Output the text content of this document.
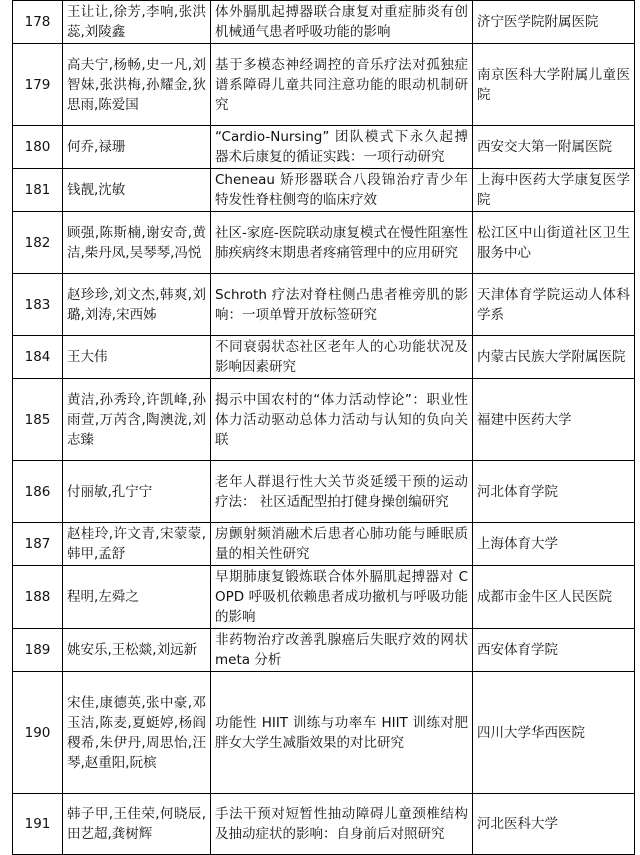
178	王让让,徐芳,李响,张洪蕊,刘陵鑫	体外膈肌起搏器联合康复对重症肺炎有创机械通气患者呼吸功能的影响	济宁医学院附属医院
179	高夫宁,杨畅,史一凡,刘智妹,张洪梅,孙耀金,狄思雨,陈爱国	基于多模态神经调控的音乐疗法对孤独症谱系障碍儿童共同注意功能的眼动机制研究	南京医科大学附属儿童医院
180	何乔,禄珊	“Cardio-Nursing” 团队模式下永久起搏器术后康复的循证实践：一项行动研究	西安交大第一附属医院
181	钱靓,沈敏	Cheneau 矫形器联合八段锦治疗青少年特发性脊柱侧弯的临床疗效	上海中医药大学康复医学院
182	顾强,陈斯楠,谢安奇,黄洁,柴丹凤,吴琴琴,冯悦	社区-家庭-医院联动康复模式在慢性阻塞性肺疾病终末期患者疼痛管理中的应用研究	松江区中山街道社区卫生服务中心
183	赵珍珍,刘文杰,韩爽,刘璐,刘涛,宋西姊	Schroth 疗法对脊柱侧凸患者椎旁肌的影响：一项单臂开放标签研究	天津体育学院运动人体科学系
184	王大伟	不同衰弱状态社区老年人的心功能状况及影响因素研究	内蒙古民族大学附属医院
185	黄洁,孙秀玲,许凯峰,孙雨萱,万芮含,陶澳泷,刘志臻	揭示中国农村的“体力活动悖论”：职业性体力活动驱动总体力活动与认知的负向关联	福建中医药大学
186	付丽敏,孔宁宁	老年人群退行性大关节炎延缓干预的运动疗法： 社区适配型拍打健身操创编研究	河北体育学院
187	赵桂玲,许文青,宋蒙蒙,韩甲,孟舒	房颤射频消融术后患者心肺功能与睡眠质量的相关性研究	上海体育大学
188	程明,左舜之	早期肺康复锻炼联合体外膈肌起搏器对 COPD 呼吸机依赖患者成功撤机与呼吸功能的影响	成都市金牛区人民医院
189	姚安乐,王松燚,刘远新	非药物治疗改善乳腺癌后失眠疗效的网状 meta 分析	西安体育学院
190	宋佳,康德英,张中豪,邓玉洁,陈麦,夏蜓婷,杨阎稷希,朱伊丹,周思怡,汪琴,赵重阳,阮槟	功能性 HIIT 训练与功率车 HIIT 训练对肥胖女大学生减脂效果的对比研究	四川大学华西医院
191	韩子甲,王佳荣,何晓辰,田艺超,龚树辉	手法干预对短暂性抽动障碍儿童颈椎结构及抽动症状的影响：自身前后对照研究	河北医科大学
